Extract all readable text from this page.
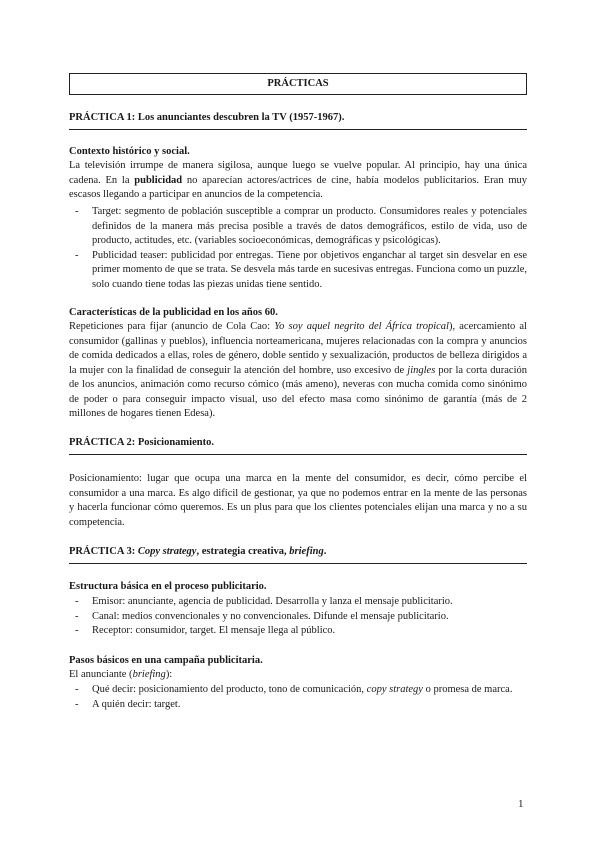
PRÁCTICAS
PRÁCTICA 1: Los anunciantes descubren la TV (1957-1967).
Contexto histórico y social.
La televisión irrumpe de manera sigilosa, aunque luego se vuelve popular. Al principio, hay una única cadena. En la publicidad no aparecían actores/actrices de cine, había modelos publicitarios. Eran muy escasos llegando a participar en anuncios de la competencia.
- Target: segmento de población susceptible a comprar un producto. Consumidores reales y potenciales definidos de la manera más precisa posible a través de datos demográficos, estilo de vida, uso de producto, actitudes, etc. (variables socioeconómicas, demográficas y psicológicas).
- Publicidad teaser: publicidad por entregas. Tiene por objetivos enganchar al target sin desvelar en ese primer momento de que se trata. Se desvela más tarde en sucesivas entregas. Funciona como un puzzle, solo cuando tiene todas las piezas unidas tiene sentido.
Características de la publicidad en los años 60.
Repeticiones para fijar (anuncio de Cola Cao: Yo soy aquel negrito del África tropical), acercamiento al consumidor (gallinas y pueblos), influencia norteamericana, mujeres relacionadas con la compra y anuncios de comida dedicados a ellas, roles de género, doble sentido y sexualización, productos de belleza dirigidos a la mujer con la finalidad de conseguir la atención del hombre, uso excesivo de jingles por la corta duración de los anuncios, animación como recurso cómico (más ameno), neveras con mucha comida como sinónimo de poder o para conseguir impacto visual, uso del efecto masa como sinónimo de garantía (más de 2 millones de hogares tienen Edesa).
PRÁCTICA 2: Posicionamiento.
Posicionamiento: lugar que ocupa una marca en la mente del consumidor, es decir, cómo percibe el consumidor a una marca. Es algo difícil de gestionar, ya que no podemos entrar en la mente de las personas y hacerla funcionar cómo queremos. Es un plus para que los clientes potenciales elijan una marca y no a su competencia.
PRÁCTICA 3: Copy strategy, estrategia creativa, briefing.
Estructura básica en el proceso publicitario.
- Emisor: anunciante, agencia de publicidad. Desarrolla y lanza el mensaje publicitario.
- Canal: medios convencionales y no convencionales. Difunde el mensaje publicitario.
- Receptor: consumidor, target. El mensaje llega al público.
Pasos básicos en una campaña publicitaria.
El anunciante (briefing):
- Qué decir: posicionamiento del producto, tono de comunicación, copy strategy o promesa de marca.
- A quién decir: target.
1
